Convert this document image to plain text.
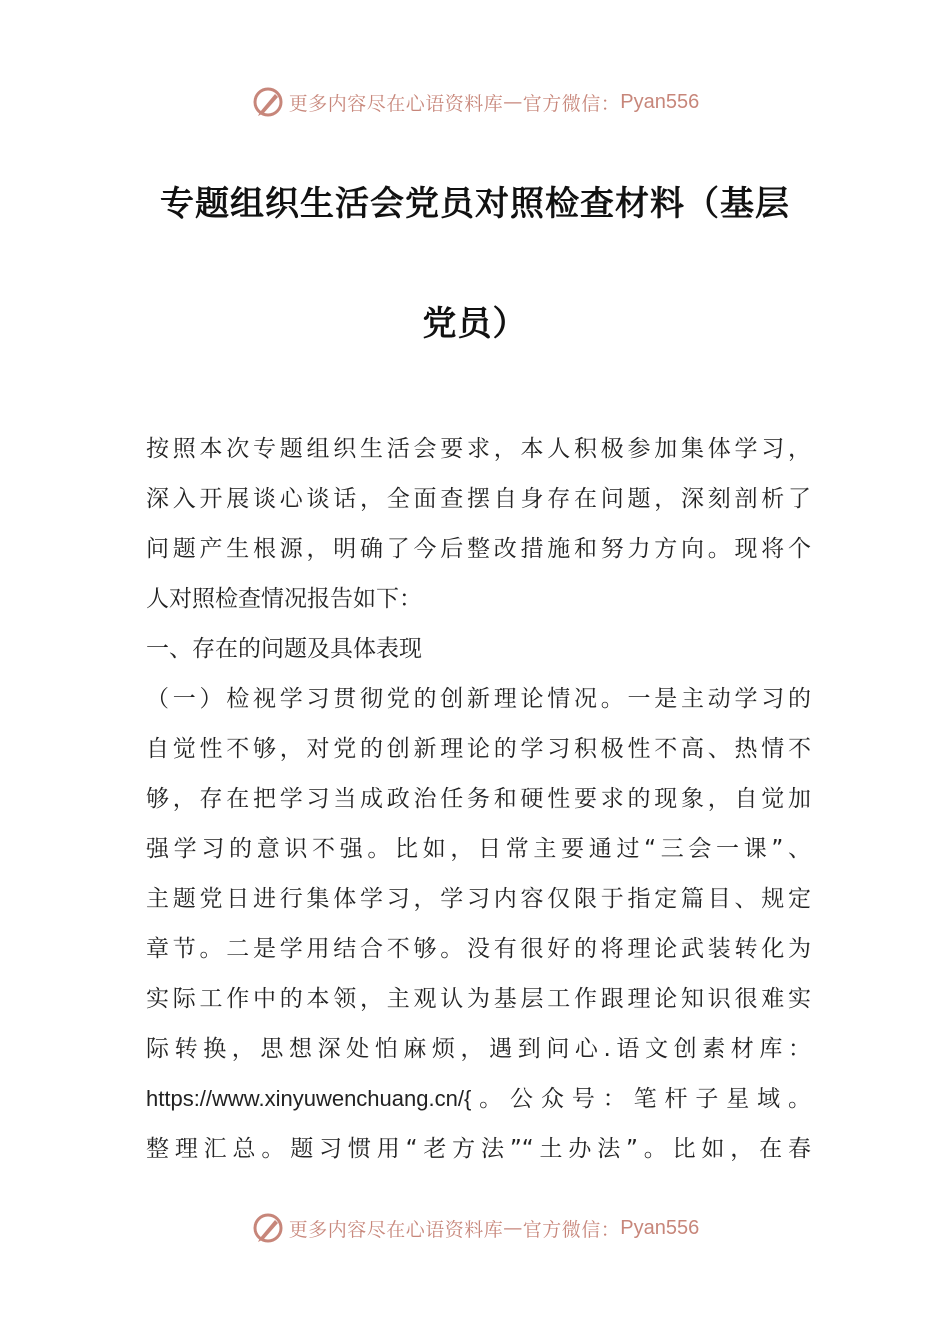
更多内容尽在心语资料库 — 官方微信： Pyan556
专题组织生活会党员对照检查材料（基层
党员）
按照本次专题组织生活会要求，本人积极参加集体学习，
深入开展谈心谈话，全面查摆自身存在问题，深刻剖析了
问题产生根源，明确了今后整改措施和努力方向。现将个
人对照检查情况报告如下：
一、存在的问题及具体表现
（一）检视学习贯彻党的创新理论情况。一是主动学习的
自觉性不够，对党的创新理论的学习积极性不高、热情不
够，存在把学习当成政治任务和硬性要求的现象，自觉加
强学习的意识不强。比如，日常主要通过“三会一课”、
主题党日进行集体学习，学习内容仅限于指定篇目、规定
章节。二是学用结合不够。没有很好的将理论武装转化为
实际工作中的本领，主观认为基层工作跟理论知识很难实
际转换，思想深处怕麻烦，遇到问心.语文创素材库：
https://www.xinyuwenchuang.cn/{。公众号：笔杆子星域。
整理汇总。题习惯用“老方法”“土办法”。比如，在春
更多内容尽在心语资料库 — 官方微信： Pyan556
